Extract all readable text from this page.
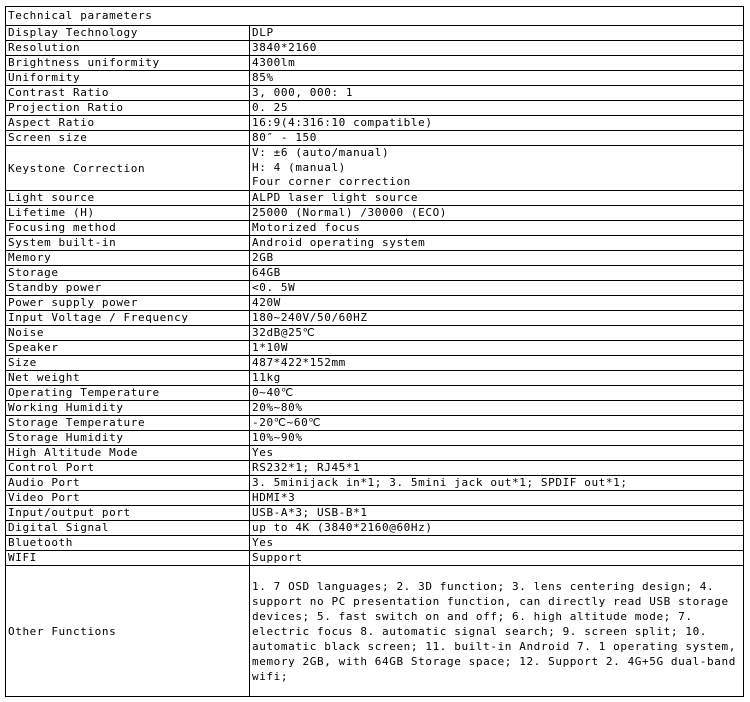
Technical parameters
Display Technology	DLP
Resolution	3840*2160
Brightness uniformity	4300lm
Uniformity	85%
Contrast Ratio	3, 000, 000: 1
Projection Ratio	0. 25
Aspect Ratio	16:9(4:316:10 compatible)
Screen size	80″ - 150
Keystone Correction	V: ±6 (auto/manual)
H: 4 (manual)
Four corner correction

Light source	ALPD laser light source
Lifetime (H)	25000 (Normal) /30000 (ECO)
Focusing method	Motorized focus
System built-in	Android operating system
Memory	2GB
Storage	64GB
Standby power	<0. 5W
Power supply power	420W
Input Voltage / Frequency	180~240V/50/60HZ
Noise	32dB@25℃
Speaker	1*10W
Size	487*422*152mm
Net weight	11kg
Operating Temperature	0~40℃
Working Humidity	20%~80%
Storage Temperature	-20℃~60℃
Storage Humidity	10%~90%
High Altitude Mode	Yes
Control Port	RS232*1; RJ45*1
Audio Port	3. 5minijack in*1; 3. 5mini jack out*1; SPDIF out*1;
Video Port	HDMI*3
Input/output port	USB-A*3; USB-B*1
Digital Signal	up to 4K (3840*2160@60Hz)
Bluetooth	Yes
WIFI	Support
Other Functions	1. 7 OSD languages; 2. 3D function; 3. lens centering design; 4. support no PC presentation function, can directly read USB storage devices; 5. fast switch on and off; 6. high altitude mode; 7. electric focus 8. automatic signal search; 9. screen split; 10. automatic black screen; 11. built-in Android 7. 1 operating system, memory 2GB, with 64GB Storage space; 12. Support 2. 4G+5G dual-band wifi;
